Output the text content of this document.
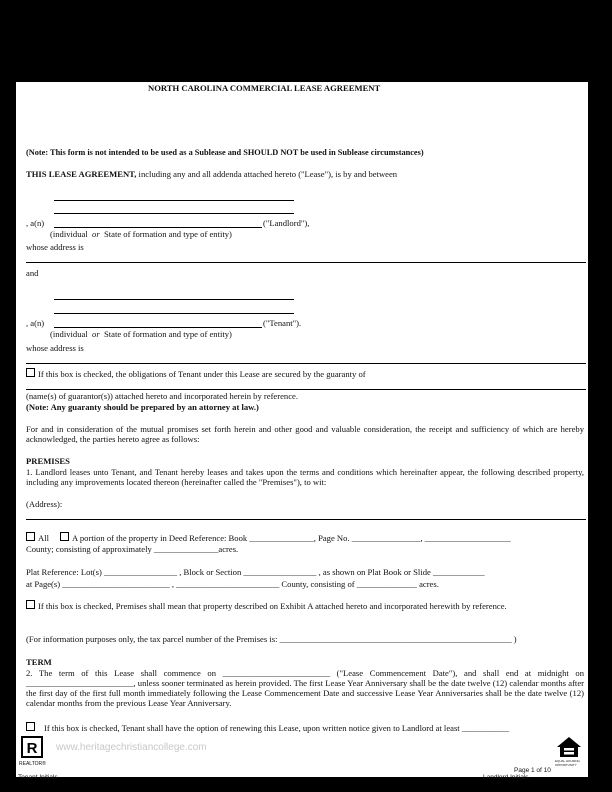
NORTH CAROLINA COMMERCIAL LEASE AGREEMENT
(Note: This form is not intended to be used as a Sublease and SHOULD NOT be used in Sublease circumstances)
THIS LEASE AGREEMENT, including any and all addenda attached hereto ("Lease"), is by and between
, a(n)	("Landlord"),
(individual or State of formation and type of entity)
whose address is
and
, a(n)	("Tenant").
(individual or State of formation and type of entity)
whose address is
If this box is checked, the obligations of Tenant under this Lease are secured by the guaranty of
(name(s) of guarantor(s)) attached hereto and incorporated herein by reference.
(Note: Any guaranty should be prepared by an attorney at law.)
For and in consideration of the mutual promises set forth herein and other good and valuable consideration, the receipt and sufficiency of which are hereby acknowledged, the parties hereto agree as follows:
PREMISES
1. Landlord leases unto Tenant, and Tenant hereby leases and takes upon the terms and conditions which hereinafter appear, the following described property, including any improvements located thereon (hereinafter called the "Premises"), to wit:
(Address):
All	A portion of the property in Deed Reference: Book _______________, Page No. ________________, ____________________
County; consisting of approximately _______________acres.
Plat Reference: Lot(s) _________________ , Block or Section _________________ , as shown on Plat Book or Slide ____________
at Page(s) _________________________ , ________________________ County, consisting of ______________ acres.
If this box is checked, Premises shall mean that property described on Exhibit A attached hereto and incorporated herewith by reference.
(For information purposes only, the tax parcel number of the Premises is: ______________________________________________________ )
TERM
2. The term of this Lease shall commence on _________________________ ("Lease Commencement Date"), and shall end at midnight on _________________________, unless sooner terminated as herein provided. The first Lease Year Anniversary shall be the date twelve (12) calendar months after the first day of the first full month immediately following the Lease Commencement Date and successive Lease Year Anniversaries shall be the date twelve (12) calendar months from the previous Lease Year Anniversary.
If this box is checked, Tenant shall have the option of renewing this Lease, upon written notice given to Landlord at least ___________
R
REALTOR®
www.heritagechristiancollege.com
EQUAL HOUSING OPPORTUNITY
Page 1 of 10
Tenant Initials	Landlord Initials
